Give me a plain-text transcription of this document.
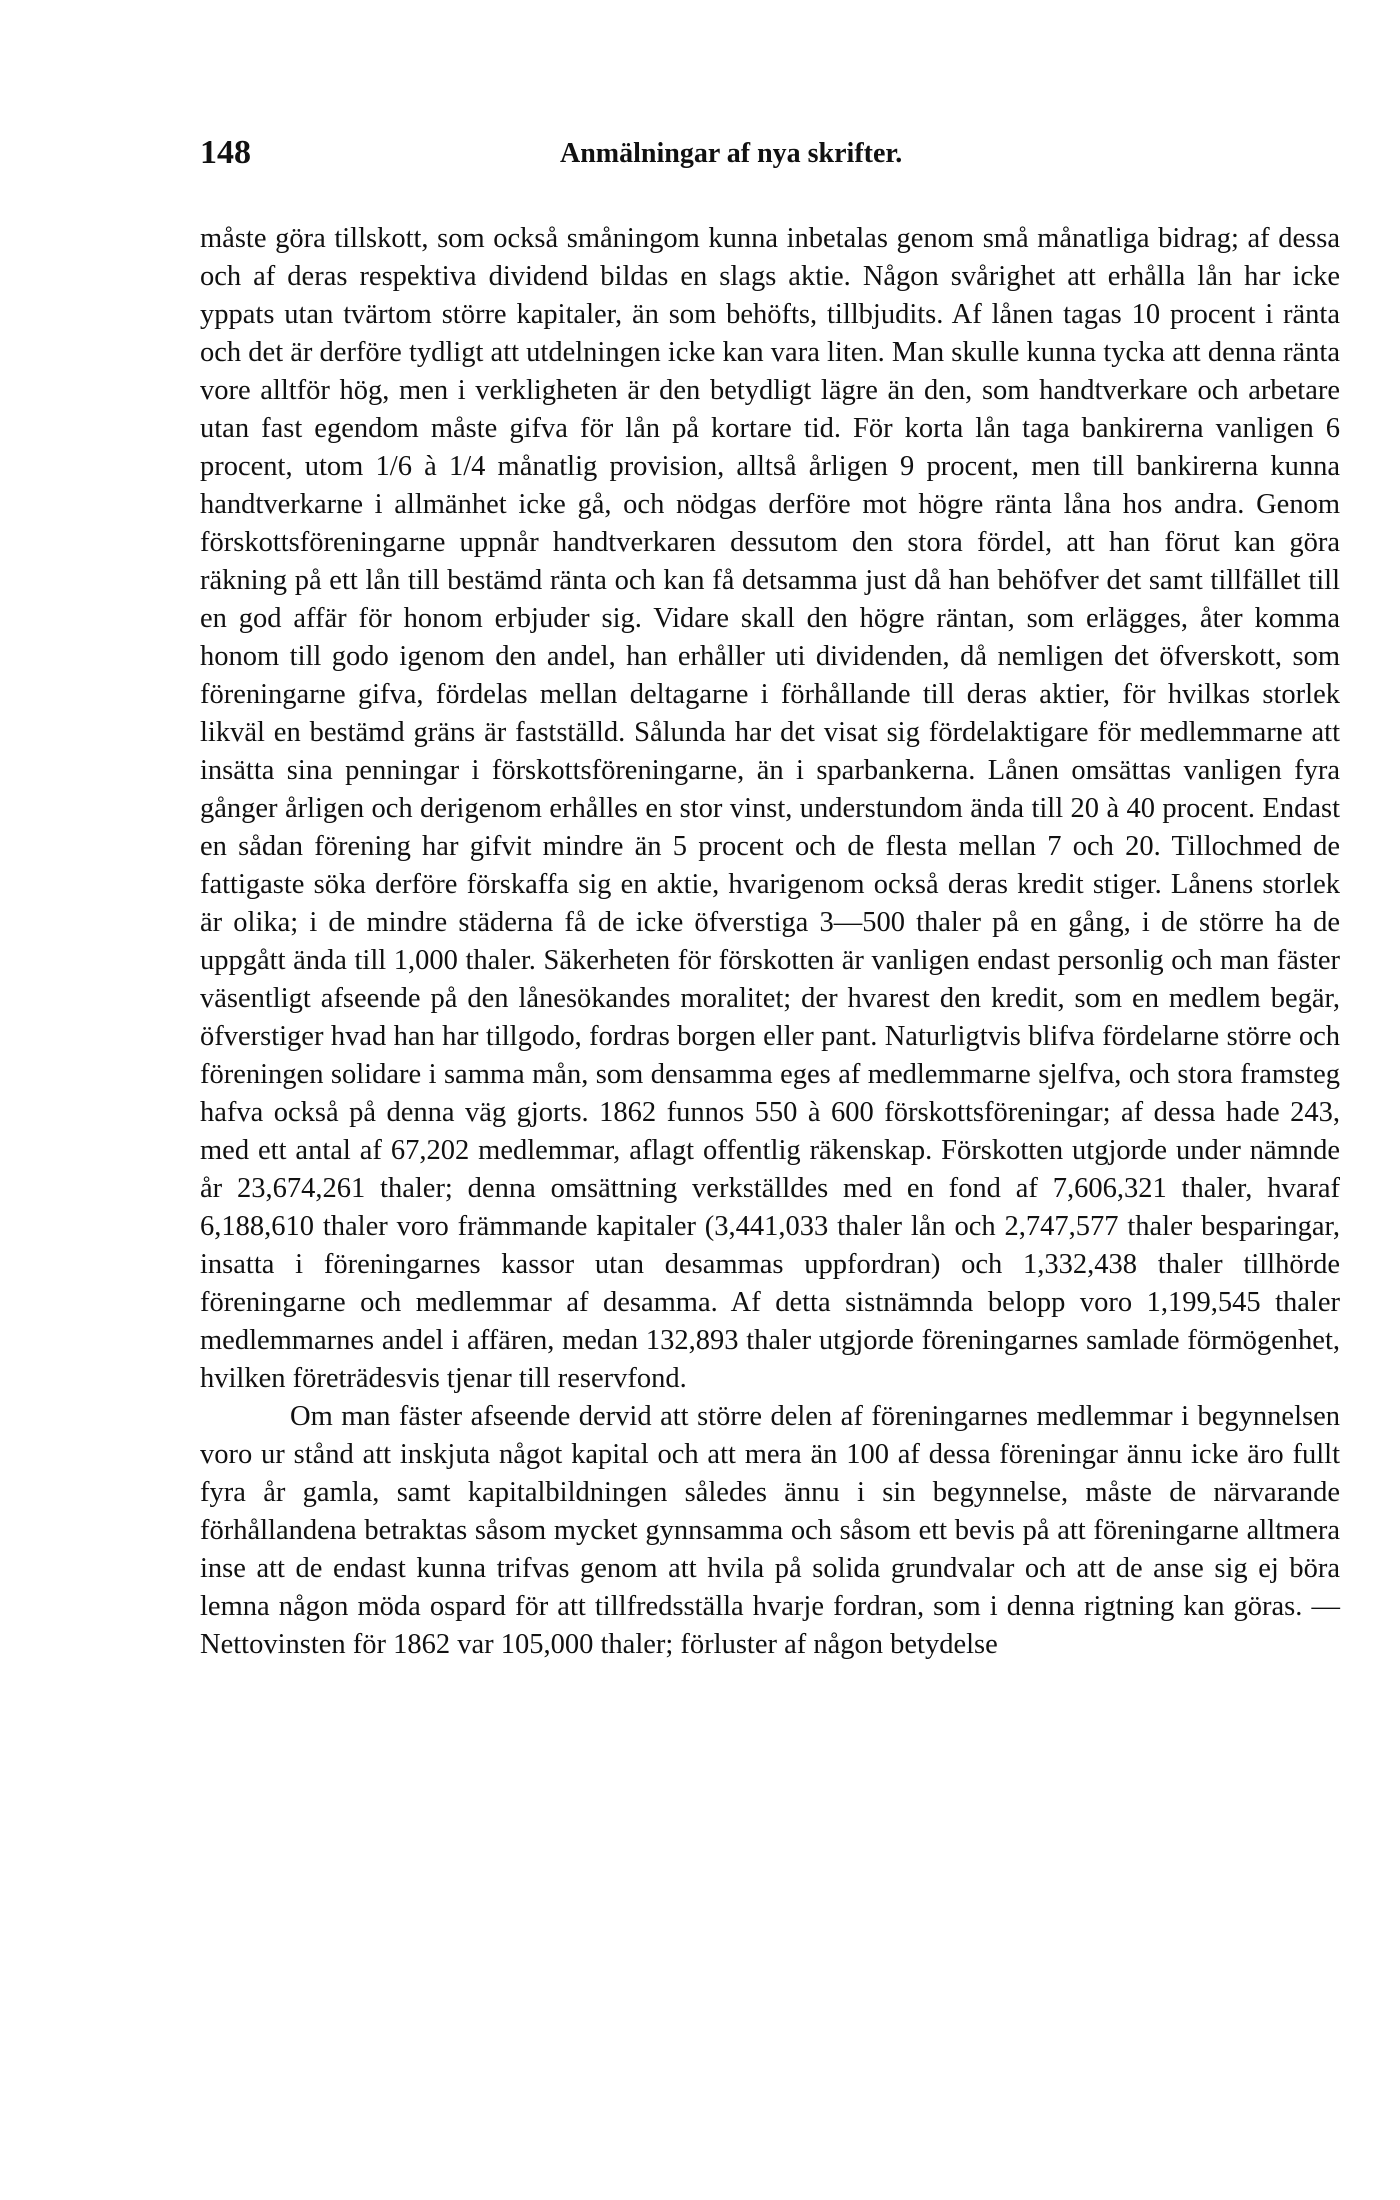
148	Anmälningar af nya skrifter.

måste göra tillskott, som också småningom kunna inbetalas genom små månatliga bidrag; af dessa och af deras respektiva dividend bildas en slags aktie. Någon svårighet att erhålla lån har icke yppats utan tvärtom större kapitaler, än som behöfts, tillbjudits. Af lånen tagas 10 procent i ränta och det är derföre tydligt att utdelningen icke kan vara liten. Man skulle kunna tycka att denna ränta vore alltför hög, men i verkligheten är den betydligt lägre än den, som handtverkare och arbetare utan fast egendom måste gifva för lån på kortare tid. För korta lån taga bankirerna vanligen 6 procent, utom 1/6 à 1/4 månatlig provision, alltså årligen 9 procent, men till bankirerna kunna handtverkarne i allmänhet icke gå, och nödgas derföre mot högre ränta låna hos andra. Genom förskottsföreningarne uppnår handtverkaren dessutom den stora fördel, att han förut kan göra räkning på ett lån till bestämd ränta och kan få detsamma just då han behöfver det samt tillfället till en god affär för honom erbjuder sig. Vidare skall den högre räntan, som erlägges, åter komma honom till godo igenom den andel, han erhåller uti dividenden, då nemligen det öfverskott, som föreningarne gifva, fördelas mellan deltagarne i förhållande till deras aktier, för hvilkas storlek likväl en bestämd gräns är fastställd. Sålunda har det visat sig fördelaktigare för medlemmarne att insätta sina penningar i förskottsföreningarne, än i sparbankerna. Lånen omsättas vanligen fyra gånger årligen och derigenom erhålles en stor vinst, understundom ända till 20 à 40 procent. Endast en sådan förening har gifvit mindre än 5 procent och de flesta mellan 7 och 20. Tillochmed de fattigaste söka derföre förskaffa sig en aktie, hvarigenom också deras kredit stiger. Lånens storlek är olika; i de mindre städerna få de icke öfverstiga 3—500 thaler på en gång, i de större ha de uppgått ända till 1,000 thaler. Säkerheten för förskotten är vanligen endast personlig och man fäster väsentligt afseende på den lånesökandes moralitet; der hvarest den kredit, som en medlem begär, öfverstiger hvad han har tillgodo, fordras borgen eller pant. Naturligtvis blifva fördelarne större och föreningen solidare i samma mån, som densamma eges af medlemmarne sjelfva, och stora framsteg hafva också på denna väg gjorts. 1862 funnos 550 à 600 förskottsföreningar; af dessa hade 243, med ett antal af 67,202 medlemmar, aflagt offentlig räkenskap. Förskotten utgjorde under nämnde år 23,674,261 thaler; denna omsättning verkställdes med en fond af 7,606,321 thaler, hvaraf 6,188,610 thaler voro främmande kapitaler (3,441,033 thaler lån och 2,747,577 thaler besparingar, insatta i föreningarnes kassor utan desammas uppfordran) och 1,332,438 thaler tillhörde föreningarne och medlemmar af desamma. Af detta sistnämnda belopp voro 1,199,545 thaler medlemmarnes andel i affären, medan 132,893 thaler utgjorde föreningarnes samlade förmögenhet, hvilken företrädesvis tjenar till reservfond.

Om man fäster afseende dervid att större delen af föreningarnes medlemmar i begynnelsen voro ur stånd att inskjuta något kapital och att mera än 100 af dessa föreningar ännu icke äro fullt fyra år gamla, samt kapitalbildningen således ännu i sin begynnelse, måste de närvarande förhållandena betraktas såsom mycket gynnsamma och såsom ett bevis på att föreningarne alltmera inse att de endast kunna trifvas genom att hvila på solida grundvalar och att de anse sig ej böra lemna någon möda ospard för att tillfredsställa hvarje fordran, som i denna rigtning kan göras. — Nettovinsten för 1862 var 105,000 thaler; förluster af någon betydelse
